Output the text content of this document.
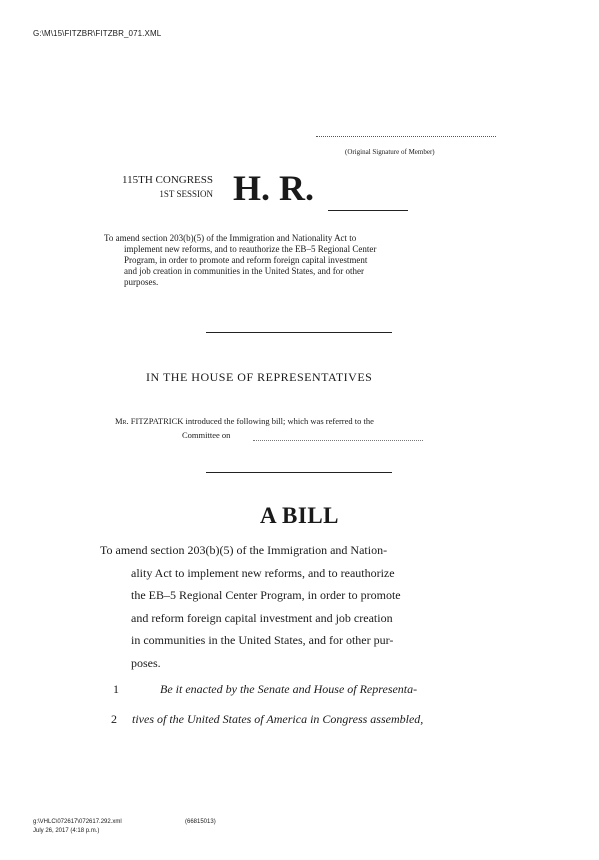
G:\M\15\FITZBR\FITZBR_071.XML
(Original Signature of Member)
115TH CONGRESS
1ST SESSION H. R.
To amend section 203(b)(5) of the Immigration and Nationality Act to
implement new reforms, and to reauthorize the EB–5 Regional Center
Program, in order to promote and reform foreign capital investment
and job creation in communities in the United States, and for other
purposes.
IN THE HOUSE OF REPRESENTATIVES
Mr. FITZPATRICK introduced the following bill; which was referred to the
Committee on
A BILL
To amend section 203(b)(5) of the Immigration and Nation-
ality Act to implement new reforms, and to reauthorize
the EB–5 Regional Center Program, in order to promote
and reform foreign capital investment and job creation
in communities in the United States, and for other pur-
poses.
1	Be it enacted by the Senate and House of Representa-
2 tives of the United States of America in Congress assembled,
g:\VHLC\072617\072617.292.xml
July 26, 2017 (4:18 p.m.)
(66815013)
